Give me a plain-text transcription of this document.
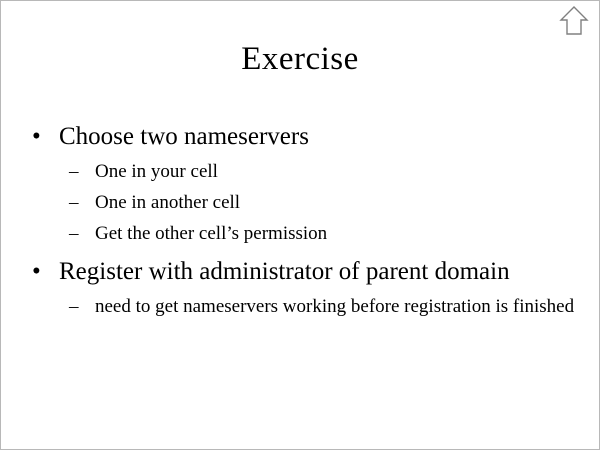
Exercise
• Choose two nameservers
– One in your cell
– One in another cell
– Get the other cell’s permission
• Register with administrator of parent domain
– need to get nameservers working before registration is finished
